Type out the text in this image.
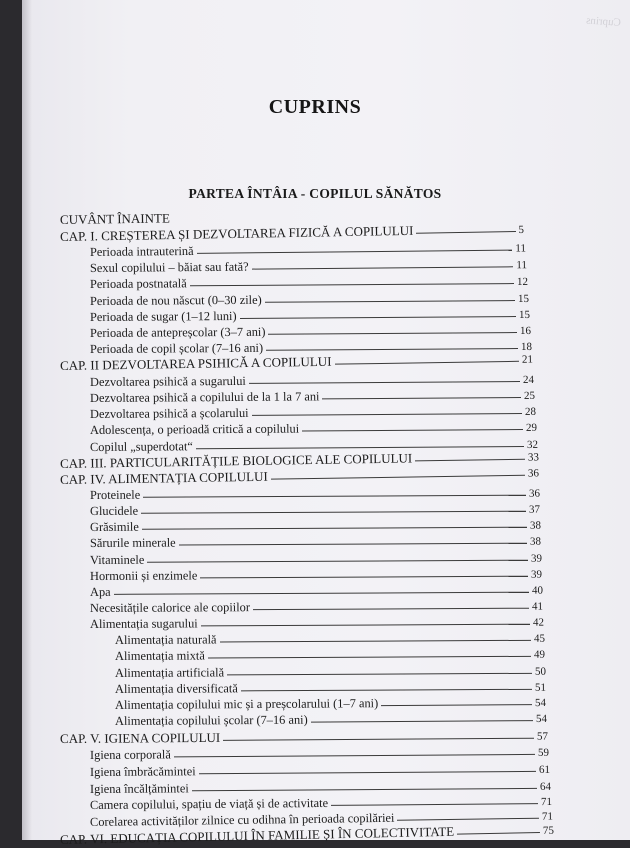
Cuprins
CUPRINS
PARTEA ÎNTÂIA - COPILUL SĂNĂTOS
CUVÂNT ÎNAINTE
CAP. I. CREȘTEREA ȘI DEZVOLTAREA FIZICĂ A COPILULUI	5
Perioada intrauterină	11
Sexul copilului – băiat sau fată?	11
Perioada postnatală	12
Perioada de nou născut (0–30 zile)	15
Perioada de sugar (1–12 luni)	15
Perioada de antepreșcolar (3–7 ani)	16
Perioada de copil școlar (7–16 ani)	18
CAP. II DEZVOLTAREA PSIHICĂ A COPILULUI	21
Dezvoltarea psihică a sugarului	24
Dezvoltarea psihică a copilului de la 1 la 7 ani	25
Dezvoltarea psihică a școlarului	28
Adolescența, o perioadă critică a copilului	29
Copilul „superdotat“	32
CAP. III. PARTICULARITĂȚILE BIOLOGICE ALE COPILULUI	33
CAP. IV. ALIMENTAȚIA COPILULUI	36
Proteinele	36
Glucidele	37
Grăsimile	38
Sărurile minerale	38
Vitaminele	39
Hormonii și enzimele	39
Apa	40
Necesitățile calorice ale copiilor	41
Alimentația sugarului	42
Alimentația naturală	45
Alimentația mixtă	49
Alimentația artificială	50
Alimentația diversificată	51
Alimentația copilului mic și a preșcolarului (1–7 ani)	54
Alimentația copilului școlar (7–16 ani)	54
CAP. V. IGIENA COPILULUI	57
Igiena corporală	59
Igiena îmbrăcămintei	61
Igiena încălțămintei	64
Camera copilului, spațiu de viață și de activitate	71
Corelarea activităților zilnice cu odihna în perioada copilăriei	71
CAP. VI. EDUCAȚIA COPILULUI ÎN FAMILIE ȘI ÎN COLECTIVITATE	75
